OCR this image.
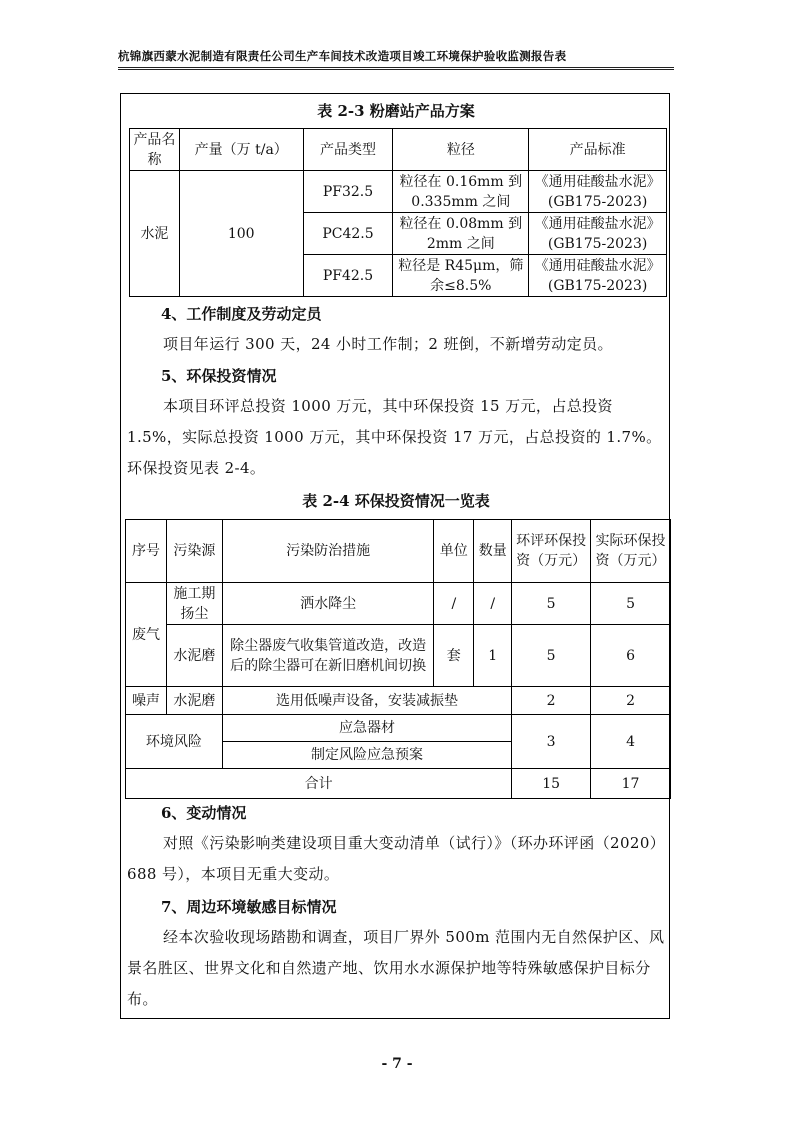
杭锦旗西蒙水泥制造有限责任公司生产车间技术改造项目竣工环境保护验收监测报告表
表 2-3 粉磨站产品方案
产品名称	产量（万 t/a）	产品类型	粒径	产品标准
水泥	100	PF32.5	粒径在 0.16mm 到 0.335mm 之间	《通用硅酸盐水泥》(GB175-2023)
		PC42.5	粒径在 0.08mm 到 2mm 之间	《通用硅酸盐水泥》(GB175-2023)
		PF42.5	粒径是 R45μm，筛余≤8.5%	《通用硅酸盐水泥》(GB175-2023)
4、工作制度及劳动定员
项目年运行 300 天，24 小时工作制；2 班倒，不新增劳动定员。
5、环保投资情况
本项目环评总投资 1000 万元，其中环保投资 15 万元，占总投资 1.5%，实际总投资 1000 万元，其中环保投资 17 万元，占总投资的 1.7%。环保投资见表 2-4。
表 2-4 环保投资情况一览表
序号	污染源	污染防治措施	单位	数量	环评环保投资（万元）	实际环保投资（万元）
废气	施工期扬尘	洒水降尘	/	/	5	5
	水泥磨	除尘器废气收集管道改造，改造后的除尘器可在新旧磨机间切换	套	1	5	6
噪声	水泥磨	选用低噪声设备，安装减振垫			2	2
环境风险		应急器材			3	4
		制定风险应急预案				
合计					15	17
6、变动情况
对照《污染影响类建设项目重大变动清单（试行）》（环办环评函（2020）688 号），本项目无重大变动。
7、周边环境敏感目标情况
经本次验收现场踏勘和调查，项目厂界外 500m 范围内无自然保护区、风景名胜区、世界文化和自然遗产地、饮用水水源保护地等特殊敏感保护目标分布。
- 7 -
